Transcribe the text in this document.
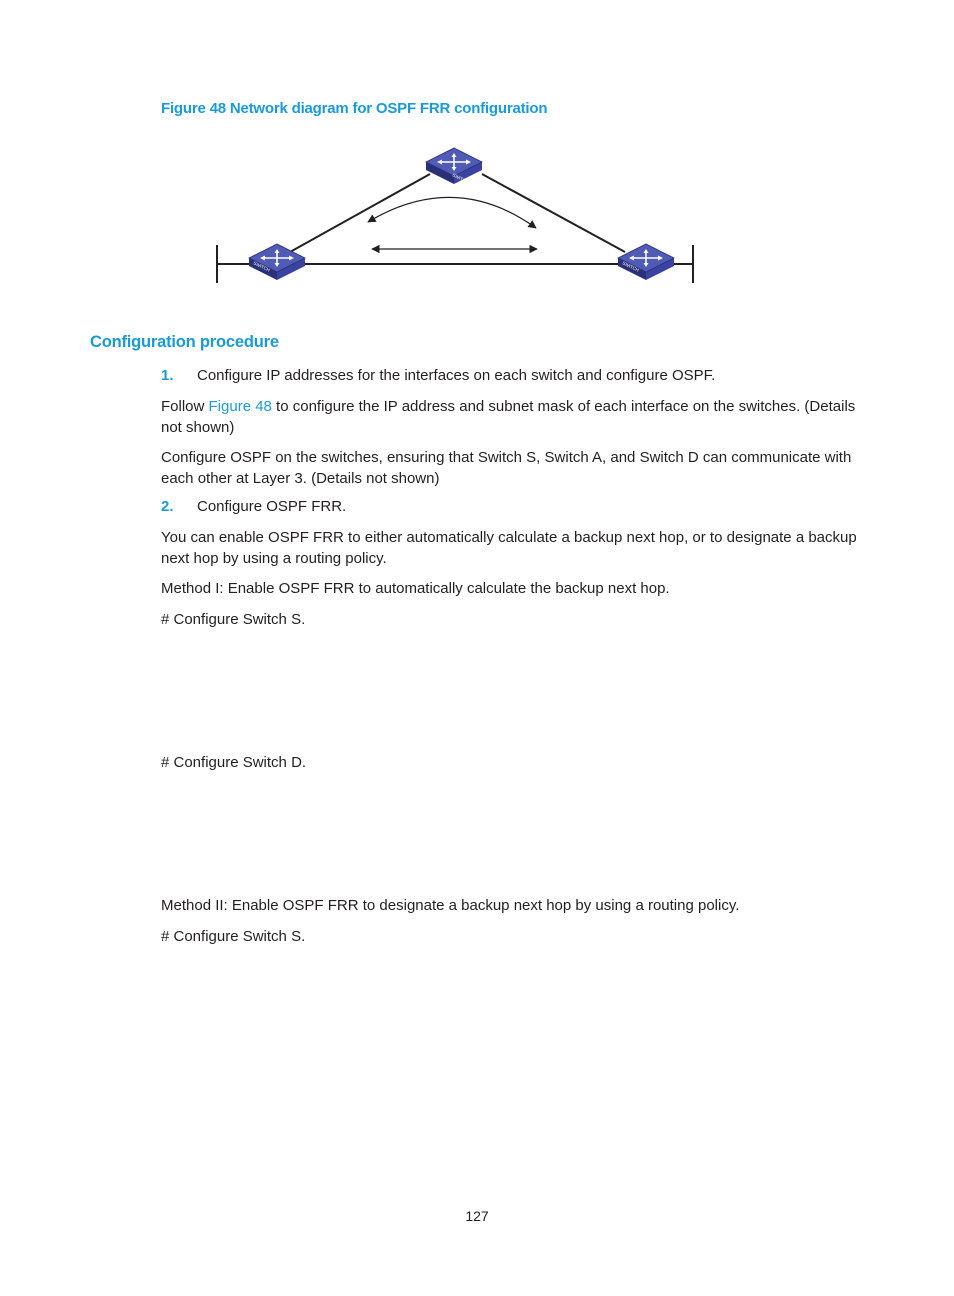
Figure 48 Network diagram for OSPF FRR configuration
SWITCH
SWITCH	SWITCH
Configuration procedure
1. Configure IP addresses for the interfaces on each switch and configure OSPF.
Follow Figure 48 to configure the IP address and subnet mask of each interface on the switches. (Details not shown)
Configure OSPF on the switches, ensuring that Switch S, Switch A, and Switch D can communicate with each other at Layer 3. (Details not shown)
2. Configure OSPF FRR.
You can enable OSPF FRR to either automatically calculate a backup next hop, or to designate a backup next hop by using a routing policy.
Method I: Enable OSPF FRR to automatically calculate the backup next hop.
# Configure Switch S.
# Configure Switch D.
Method II: Enable OSPF FRR to designate a backup next hop by using a routing policy.
# Configure Switch S.
127
